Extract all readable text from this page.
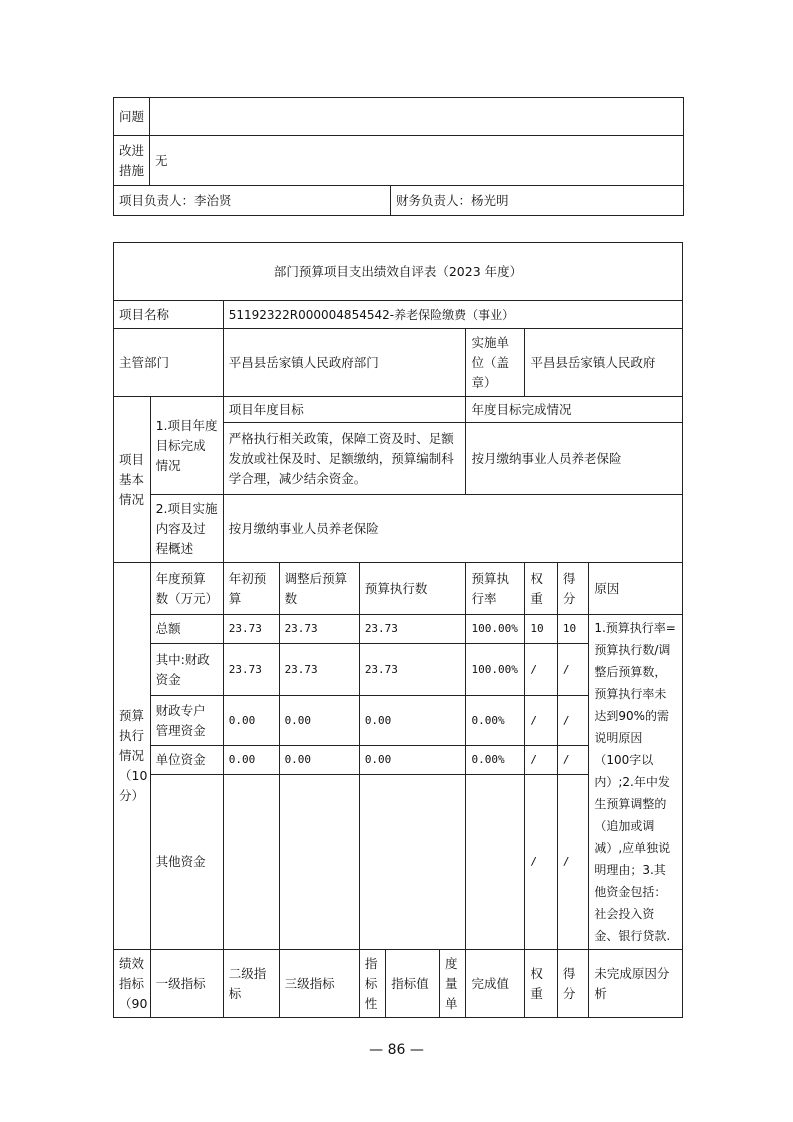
问题		
改进措施	无	
项目负责人：李治贤		财务负责人：杨光明
部门预算项目支出绩效自评表（2023 年度）										
项目名称		51192322R000004854542-养老保险缴费（事业）								
主管部门		平昌县岳家镇人民政府部门					实施单位（盖章）	平昌县岳家镇人民政府		
项目基本情况	1.项目年度目标完成情况	项目年度目标					年度目标完成情况			
		严格执行相关政策，保障工资及时、足额发放或社保及时、足额缴纳，预算编制科学合理，减少结余资金。					按月缴纳事业人员养老保险			
	2.项目实施内容及过程概述	按月缴纳事业人员养老保险								
预算执行情况（10分）	年度预算数（万元）	年初预算	调整后预算数	预算执行数			预算执行率	权重	得分	原因
	总额	23.73	23.73	23.73			100.00%	10	10	1.预算执行率=预算执行数/调整后预算数，预算执行率未达到90%的需说明原因（100字以内）;2.年中发生预算调整的（追加或调减）,应单独说明理由；3.其他资金包括：社会投入资金、银行贷款.
	其中:财政资金	23.73	23.73	23.73			100.00%	/	/	
	财政专户管理资金	0.00	0.00	0.00			0.00%	/	/	
	单位资金	0.00	0.00	0.00			0.00%	/	/	
	其他资金							/	/	
绩效指标（90	一级指标	二级指标	三级指标	指标性	指标值	度量单	完成值	权重	得分	未完成原因分析
— 86 —
